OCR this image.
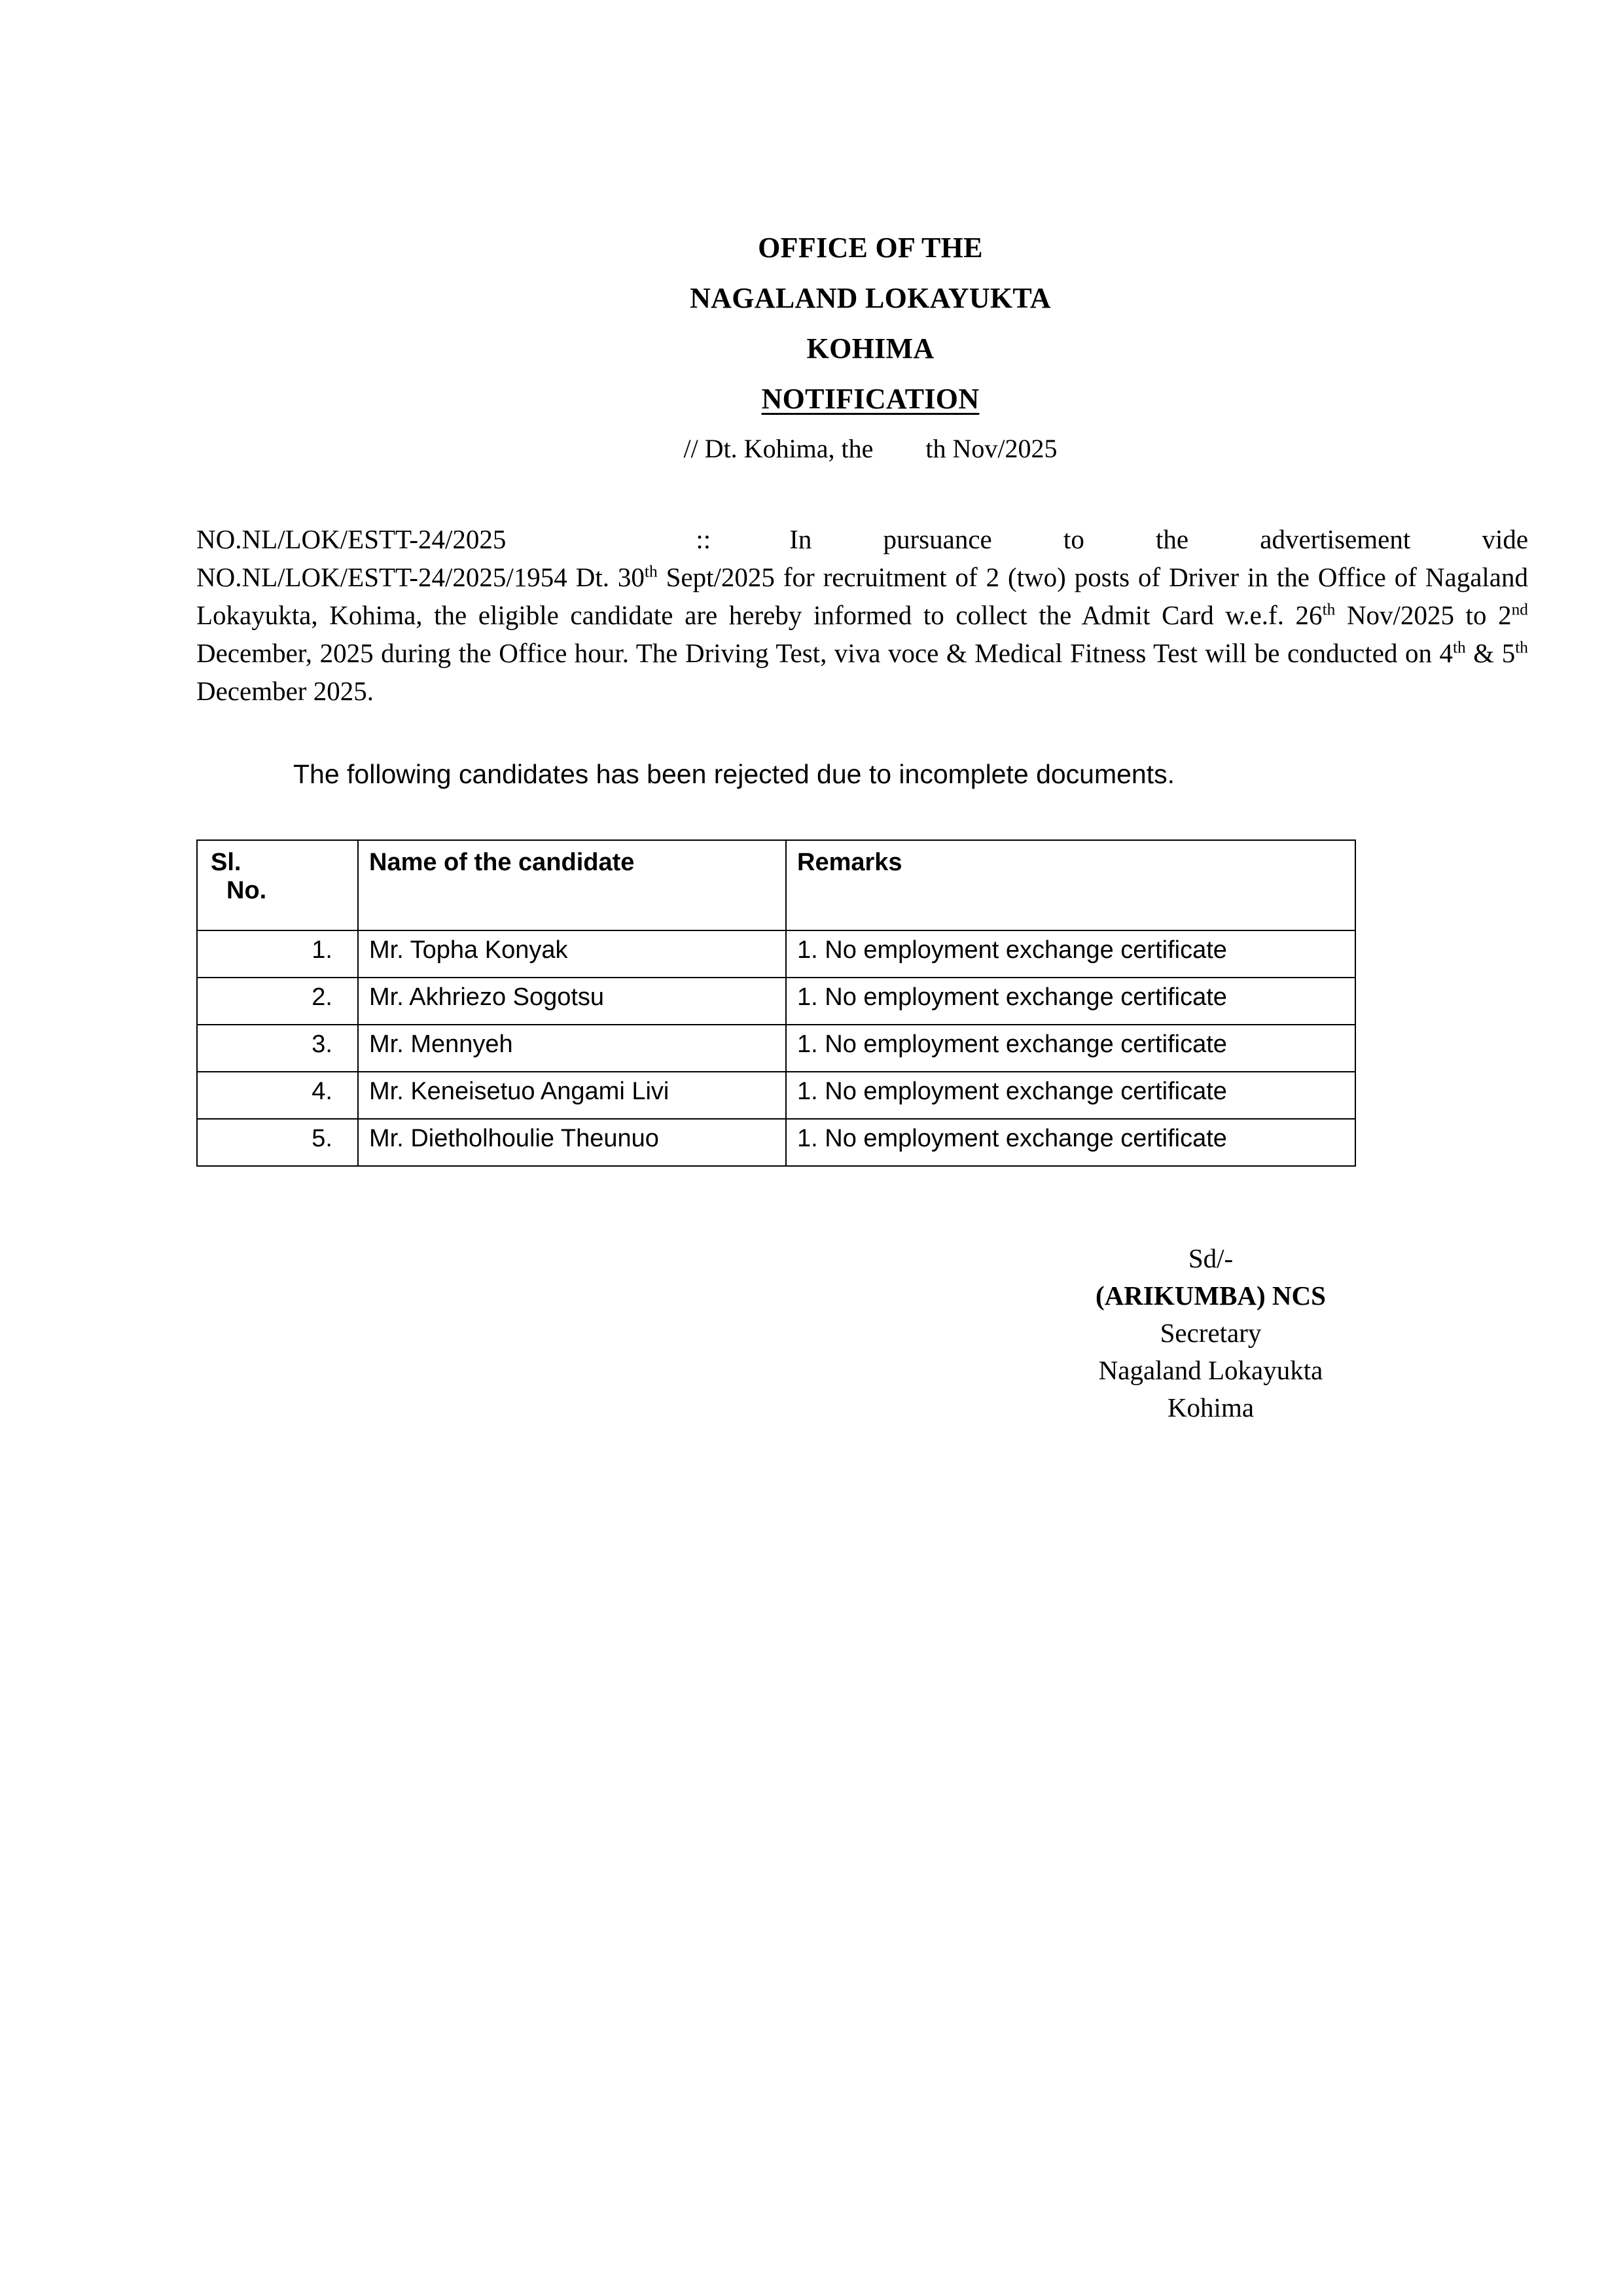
OFFICE OF THE
NAGALAND LOKAYUKTA
KOHIMA
NOTIFICATION
// Dt. Kohima, the        th Nov/2025
NO.NL/LOK/ESTT-24/2025	::	In	pursuance	to	the	advertisement	vide NO.NL/LOK/ESTT-24/2025/1954 Dt. 30th Sept/2025 for recruitment of 2 (two) posts of Driver in the Office of Nagaland Lokayukta, Kohima, the eligible candidate are hereby informed to collect the Admit Card w.e.f. 26th Nov/2025 to 2nd December, 2025 during the Office hour. The Driving Test, viva voce & Medical Fitness Test will be conducted on 4th & 5th December 2025.
The following candidates has been rejected due to incomplete documents.
Sl.
No.	Name of the candidate	Remarks
1.	Mr. Topha Konyak	1. No employment exchange certificate
2.	Mr. Akhriezo Sogotsu	1. No employment exchange certificate
3.	Mr. Mennyeh	1. No employment exchange certificate
4.	Mr. Keneisetuo Angami Livi	1. No employment exchange certificate
5.	Mr. Dietholhoulie Theunuo	1. No employment exchange certificate
Sd/-
(ARIKUMBA) NCS
Secretary
Nagaland Lokayukta
Kohima
